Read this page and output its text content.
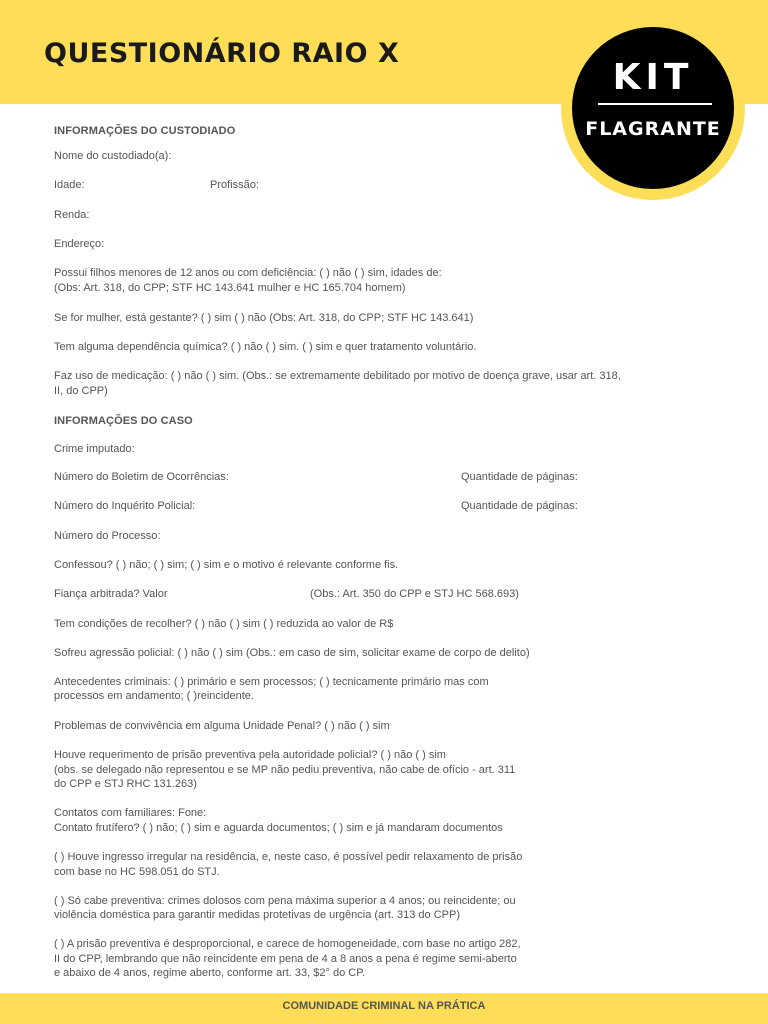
QUESTIONÁRIO RAIO X
KIT
FLAGRANTE
INFORMAÇÕES DO CUSTODIADO
Nome do custodiado(a):
Idade:	Profissão:
Renda:
Endereço:
Possui filhos menores de 12 anos ou com deficiência: ( ) não ( ) sim, idades de:
(Obs: Art. 318, do CPP; STF HC 143.641 mulher e HC 165.704 homem)
Se for mulher, está gestante? ( ) sim ( ) não (Obs: Art. 318, do CPP; STF HC 143.641)
Tem alguma dependência química? ( ) não ( ) sim. ( ) sim e quer tratamento voluntário.
Faz uso de medicação: ( ) não ( ) sim. (Obs.: se extremamente debilitado por motivo de doença grave, usar art. 318,
II, do CPP)
INFORMAÇÕES DO CASO
Crime imputado:
Número do Boletim de Ocorrências:	Quantidade de páginas:
Número do Inquérito Policial:	Quantidade de páginas:
Número do Processo:
Confessou? ( ) não; ( ) sim; ( ) sim e o motivo é relevante conforme fis.
Fiança arbitrada? Valor	(Obs.: Art. 350 do CPP e STJ HC 568.693)
Tem condições de recolher? ( ) não ( ) sim ( ) reduzida ao valor de R$
Sofreu agressão policial: ( ) não ( ) sim (Obs.: em caso de sim, solicitar exame de corpo de delito)
Antecedentes criminais: ( ) primário e sem processos; ( ) tecnicamente primário mas com
processos em andamento; ( )reincidente.
Problemas de convivência em alguma Unidade Penal? ( ) não ( ) sim
Houve requerimento de prisão preventiva pela autoridade policial? ( ) não ( ) sim
(obs. se delegado não representou e se MP não pediu preventiva, não cabe de ofício - art. 311
do CPP e STJ RHC 131.263)
Contatos com familiares: Fone:
Contato frutífero? ( ) não; ( ) sim e aguarda documentos; ( ) sim e já mandaram documentos
( ) Houve ingresso irregular na residência, e, neste caso, é possível pedir relaxamento de prisão
com base no HC 598.051 do STJ.
( ) Só cabe preventiva: crimes dolosos com pena máxima superior a 4 anos; ou reincidente; ou
violência doméstica para garantir medidas protetivas de urgência (art. 313 do CPP)
( ) A prisão preventiva é desproporcional, e carece de homogeneidade, com base no artigo 282,
II do CPP, lembrando que não reincidente em pena de 4 a 8 anos a pena é regime semi-aberto
e abaixo de 4 anos, regime aberto, conforme art. 33, $2° do CP.
COMUNIDADE CRIMINAL NA PRÁTICA
